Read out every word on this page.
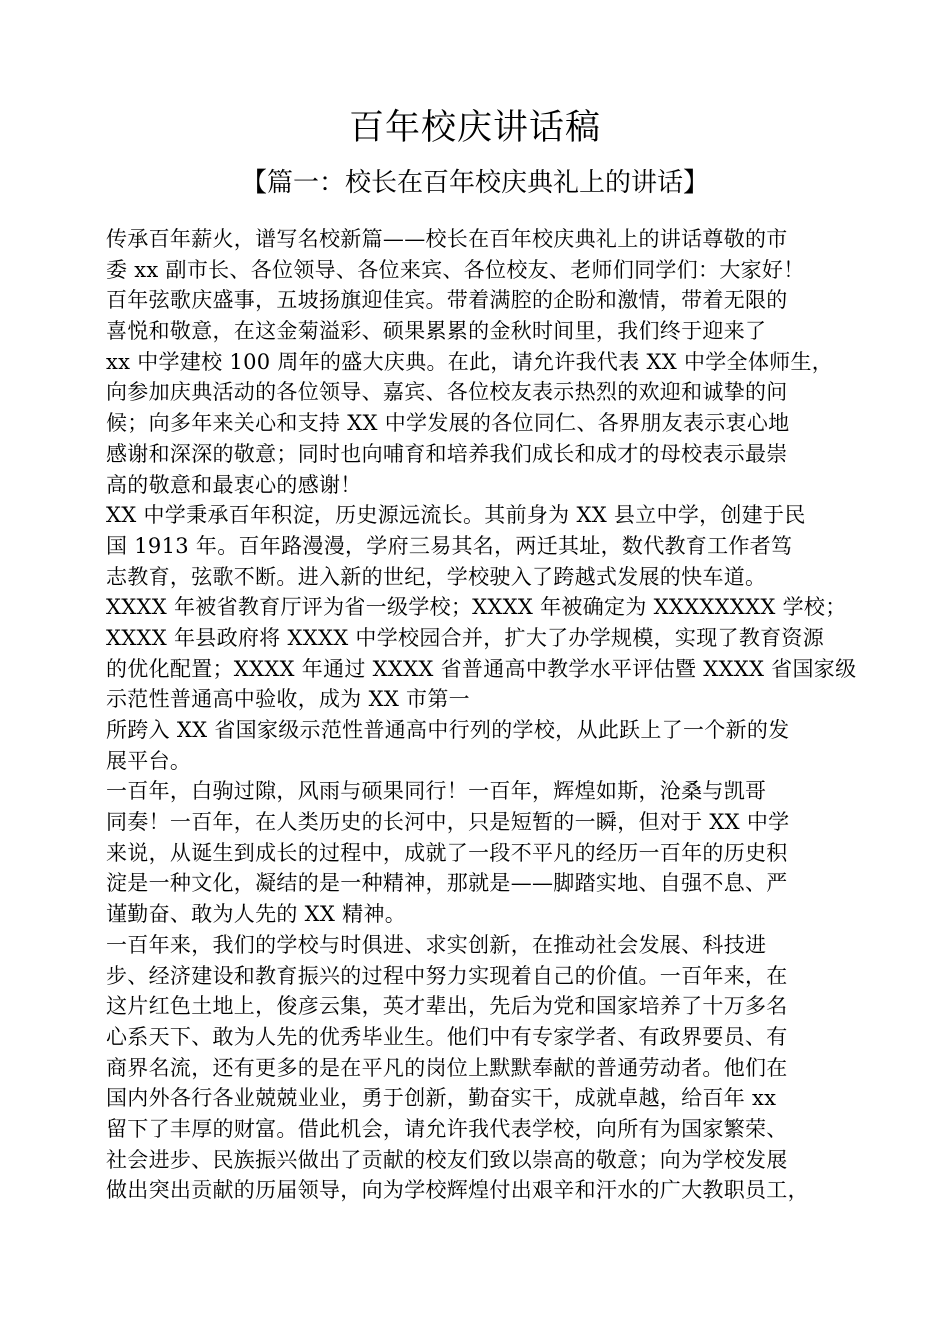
百年校庆讲话稿
【篇一：校长在百年校庆典礼上的讲话】
传承百年薪火，谱写名校新篇——校长在百年校庆典礼上的讲话尊敬的市
委 xx 副市长、各位领导、各位来宾、各位校友、老师们同学们：大家好！
百年弦歌庆盛事，五坡扬旗迎佳宾。带着满腔的企盼和激情，带着无限的
喜悦和敬意，在这金菊溢彩、硕果累累的金秋时间里，我们终于迎来了
xx 中学建校 100 周年的盛大庆典。在此，请允许我代表 XX 中学全体师生，
向参加庆典活动的各位领导、嘉宾、各位校友表示热烈的欢迎和诚挚的问
候；向多年来关心和支持 XX 中学发展的各位同仁、各界朋友表示衷心地
感谢和深深的敬意；同时也向哺育和培养我们成长和成才的母校表示最崇
高的敬意和最衷心的感谢！
XX 中学秉承百年积淀，历史源远流长。其前身为 XX 县立中学，创建于民
国 1913 年。百年路漫漫，学府三易其名，两迁其址，数代教育工作者笃
志教育，弦歌不断。进入新的世纪，学校驶入了跨越式发展的快车道。
XXXX 年被省教育厅评为省一级学校；XXXX 年被确定为 XXXXXXXX 学校；
XXXX 年县政府将 XXXX 中学校园合并，扩大了办学规模，实现了教育资源
的优化配置；XXXX 年通过 XXXX 省普通高中教学水平评估暨 XXXX 省国家级
示范性普通高中验收，成为 XX 市第一
所跨入 XX 省国家级示范性普通高中行列的学校，从此跃上了一个新的发
展平台。
一百年，白驹过隙，风雨与硕果同行！一百年，辉煌如斯，沧桑与凯哥
同奏！一百年，在人类历史的长河中，只是短暂的一瞬，但对于 XX 中学
来说，从诞生到成长的过程中，成就了一段不平凡的经历一百年的历史积
淀是一种文化，凝结的是一种精神，那就是——脚踏实地、自强不息、严
谨勤奋、敢为人先的 XX 精神。
一百年来，我们的学校与时俱进、求实创新，在推动社会发展、科技进
步、经济建设和教育振兴的过程中努力实现着自己的价值。一百年来，在
这片红色土地上，俊彦云集，英才辈出，先后为党和国家培养了十万多名
心系天下、敢为人先的优秀毕业生。他们中有专家学者、有政界要员、有
商界名流，还有更多的是在平凡的岗位上默默奉献的普通劳动者。他们在
国内外各行各业兢兢业业，勇于创新，勤奋实干，成就卓越，给百年 xx
留下了丰厚的财富。借此机会，请允许我代表学校，向所有为国家繁荣、
社会进步、民族振兴做出了贡献的校友们致以崇高的敬意；向为学校发展
做出突出贡献的历届领导，向为学校辉煌付出艰辛和汗水的广大教职员工，
